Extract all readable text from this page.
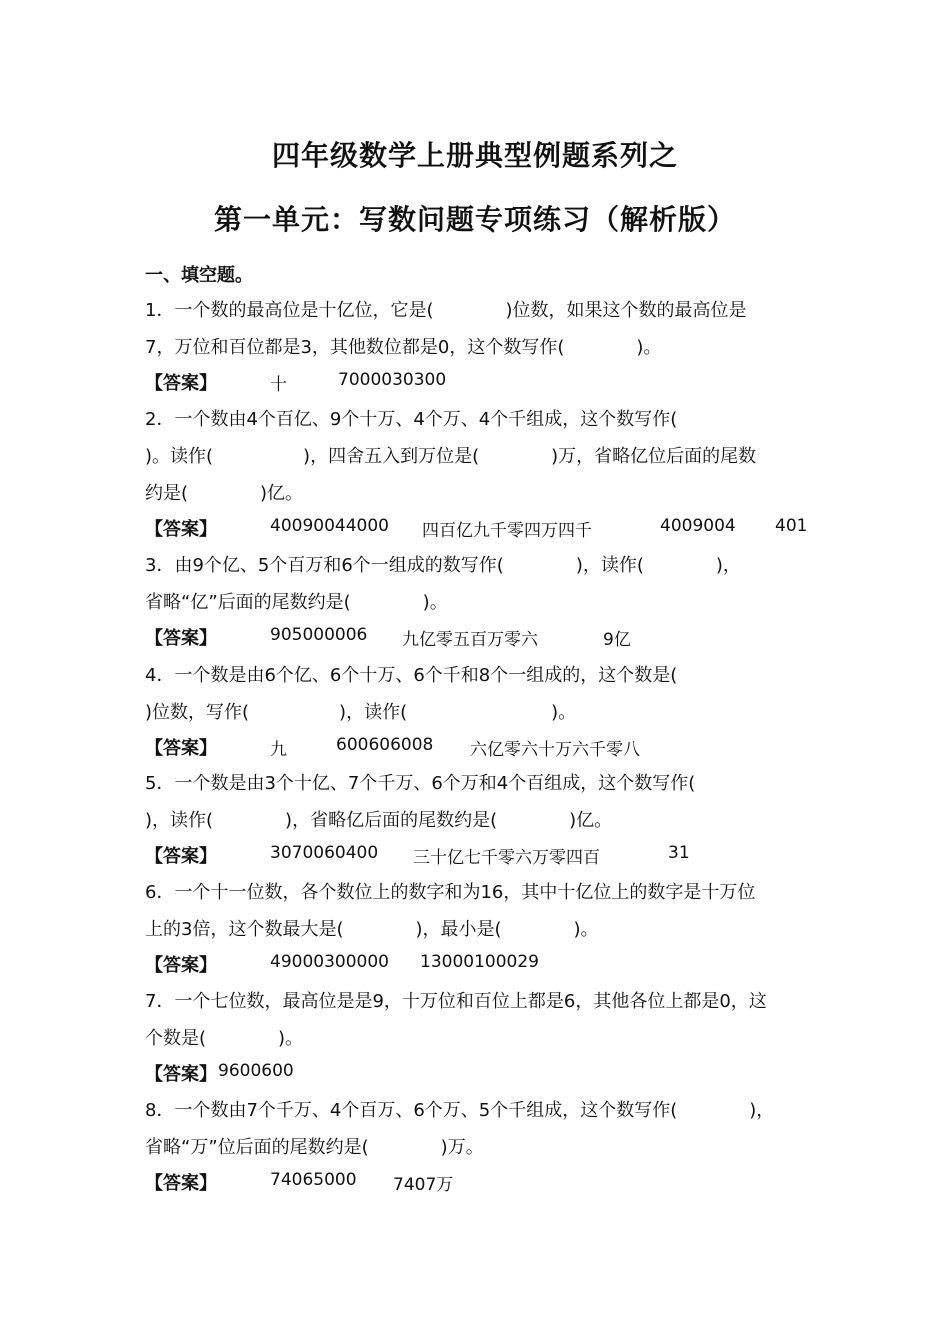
四年级数学上册典型例题系列之
第一单元：写数问题专项练习（解析版）
一、填空题。
1．一个数的最高位是十亿位，它是(　　　　)位数，如果这个数的最高位是
7，万位和百位都是3，其他数位都是0，这个数写作(　　　　)。
【答案】	十	7000030300
2．一个数由4个百亿、9个十万、4个万、4个千组成，这个数写作(
)。读作(　　　　　)，四舍五入到万位是(　　　　)万，省略亿位后面的尾数
约是(　　　　)亿。
【答案】	40090044000 四百亿九千零四万四千	4009004 401
3．由9个亿、5个百万和6个一组成的数写作(　　　　)，读作(　　　　)，
省略“亿”后面的尾数约是(　　　　)。
【答案】	905000006 九亿零五百万零六	9亿
4．一个数是由6个亿、6个十万、6个千和8个一组成的，这个数是(
)位数，写作(　　　　　)，读作(　　　　　　　　)。
【答案】	九	600606008 六亿零六十万六千零八
5．一个数是由3个十亿、7个千万、6个万和4个百组成，这个数写作(
)，读作(　　　　)，省略亿后面的尾数约是(　　　　)亿。
【答案】	3070060400 三十亿七千零六万零四百	31
6．一个十一位数，各个数位上的数字和为16，其中十亿位上的数字是十万位
上的3倍，这个数最大是(　　　　)，最小是(　　　　)。
【答案】	49000300000 13000100029
7．一个七位数，最高位是是9，十万位和百位上都是6，其他各位上都是0，这
个数是(　　　　)。
【答案】 9600600
8．一个数由7个千万、4个百万、6个万、5个千组成，这个数写作(　　　　)，
省略“万”位后面的尾数约是(　　　　)万。
【答案】	74065000 7407万
